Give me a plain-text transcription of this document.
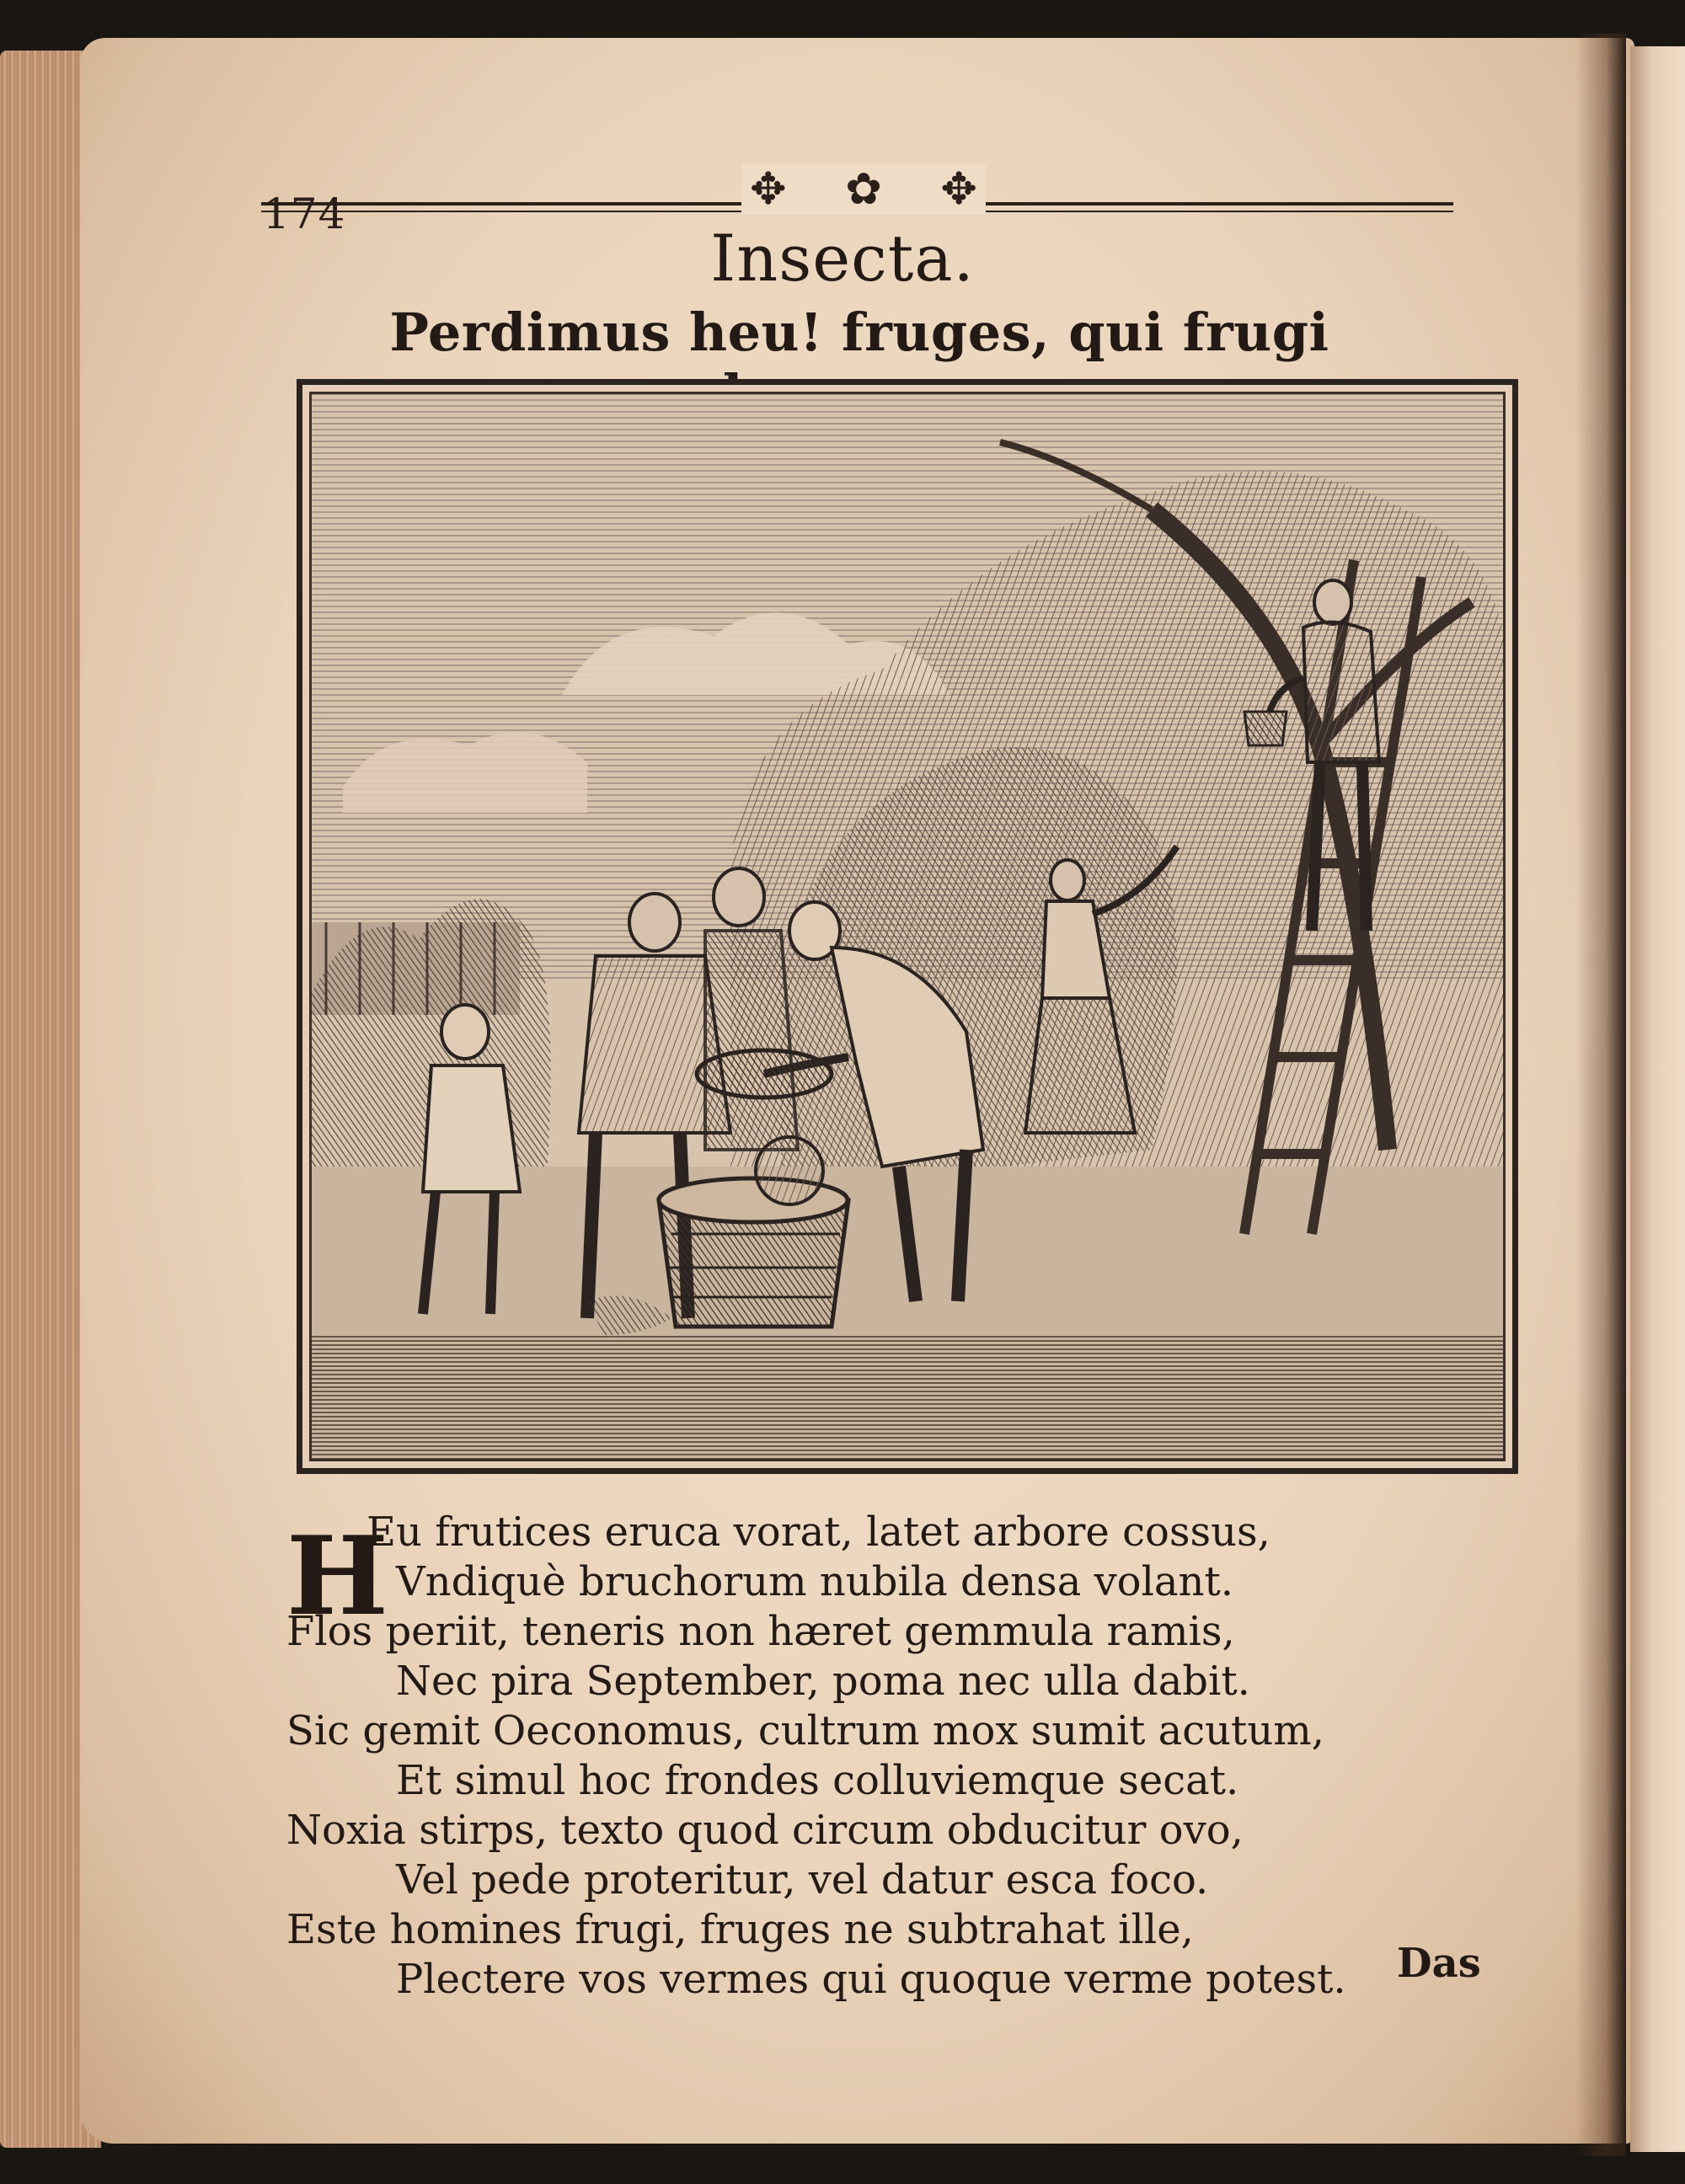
174	✥ ✿ ✥
Insecta.
Perdimus heu! fruges, qui frugi
H
Eu frutices eruca vorat, latet arbore cossus,
Vndiquè bruchorum nubila densa volant.
Flos periit, teneris non hæret gemmula ramis,
Nec pira September, poma nec ulla dabit.
Sic gemit Oeconomus, cultrum mox sumit acutum,
Et simul hoc frondes colluviemque secat.
Noxia stirps, texto quod circum obducitur ovo,
Vel pede proteritur, vel datur esca foco.
Este homines frugi, fruges ne subtrahat ille,
Plectere vos vermes qui quoque verme potest.	Das
